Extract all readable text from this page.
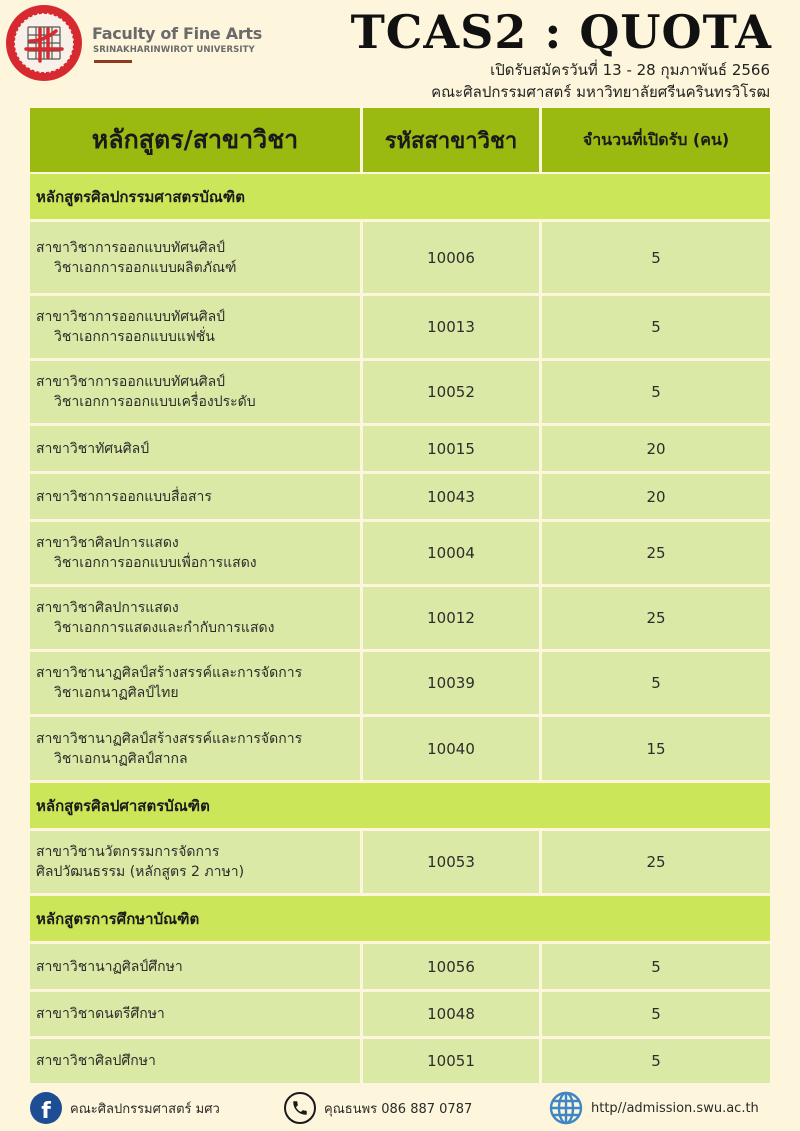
Faculty of Fine Arts
SRINAKHARINWIROT UNIVERSITY TCAS2 : QUOTA
เปิดรับสมัครวันที่ 13 - 28 กุมภาพันธ์ 2566
คณะศิลปกรรมศาสตร์ มหาวิทยาลัยศรีนครินทรวิโรฒ
หลักสูตร/สาขาวิชา	รหัสสาขาวิชา	จำนวนที่เปิดรับ (คน)
หลักสูตรศิลปกรรมศาสตรบัณฑิต
สาขาวิชาการออกแบบทัศนศิลป์
วิชาเอกการออกแบบผลิตภัณฑ์
10006	5
สาขาวิชาการออกแบบทัศนศิลป์
วิชาเอกการออกแบบแฟชั่น
10013	5
สาขาวิชาการออกแบบทัศนศิลป์
วิชาเอกการออกแบบเครื่องประดับ
10052	5
สาขาวิชาทัศนศิลป์	10015	20
สาขาวิชาการออกแบบสื่อสาร	10043	20
สาขาวิชาศิลปการแสดง
วิชาเอกการออกแบบเพื่อการแสดง
10004	25
สาขาวิชาศิลปการแสดง
วิชาเอกการแสดงและกำกับการแสดง
10012	25
สาขาวิชานาฏศิลป์สร้างสรรค์และการจัดการ
วิชาเอกนาฏศิลป์ไทย
10039	5
สาขาวิชานาฏศิลป์สร้างสรรค์และการจัดการ
วิชาเอกนาฏศิลป์สากล
10040	15
หลักสูตรศิลปศาสตรบัณฑิต
สาขาวิชานวัตกรรมการจัดการ
ศิลปวัฒนธรรม (หลักสูตร 2 ภาษา)
10053	25
หลักสูตรการศึกษาบัณฑิต
สาขาวิชานาฏศิลป์ศึกษา	10056	5
สาขาวิชาดนตรีศึกษา	10048	5
สาขาวิชาศิลปศึกษา	10051	5
f	คณะศิลปกรรมศาสตร์ มศว	คุณธนพร 086 887 0787	http//admission.swu.ac.th
